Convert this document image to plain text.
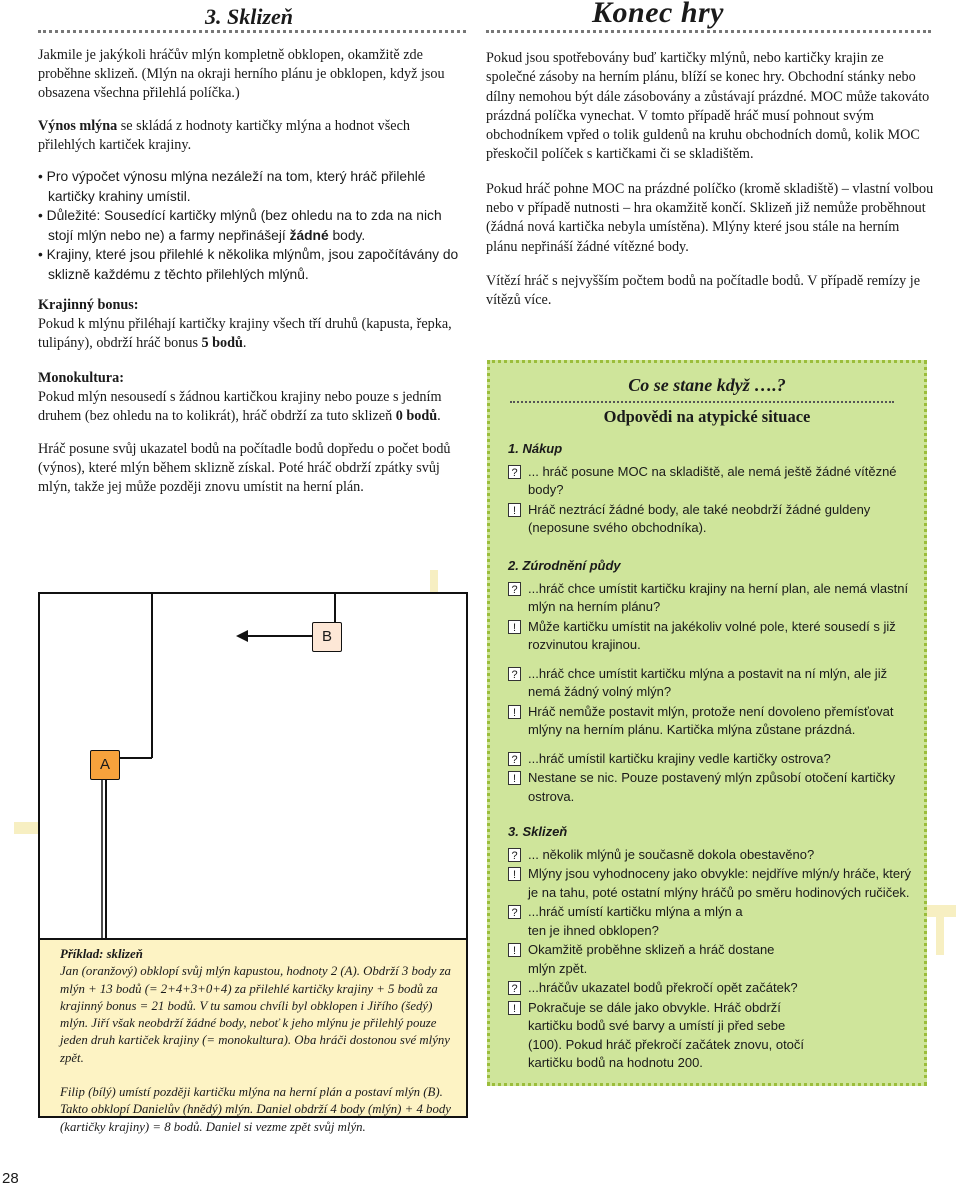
3. Sklizeň	Konec hry

Jakmile je jakýkoli hráčův mlýn kompletně obklopen, okamžitě zde proběhne sklizeň. (Mlýn na okraji herního plánu je obklopen, když jsou obsazena všechna přilehlá políčka.)

Výnos mlýna se skládá z hodnoty kartičky mlýna a hodnot všech přilehlých kartiček krajiny.

• Pro výpočet výnosu mlýna nezáleží na tom, který hráč přilehlé kartičky krahiny umístil.

• Důležité: Sousedící kartičky mlýnů (bez ohledu na to zda na nich stojí mlýn nebo ne) a farmy nepřinášejí žádné body.

• Krajiny, které jsou přilehlé k několika mlýnům, jsou započítávány do sklizně každému z těchto přilehlých mlýnů.

Krajinný bonus:

Pokud k mlýnu přiléhají kartičky krajiny všech tří druhů (kapusta, řepka, tulipány), obdrží hráč bonus 5 bodů.

Monokultura:

Pokud mlýn nesousedí s žádnou kartičkou krajiny nebo pouze s jedním druhem (bez ohledu na to kolikrát), hráč obdrží za tuto sklizeň 0 bodů.

Hráč posune svůj ukazatel bodů na počítadle bodů dopředu o počet bodů (výnos), které mlýn během sklizně získal. Poté hráč obdrží zpátky svůj mlýn, takže jej může později znovu umístit na herní plán.

B
A

Příklad: sklizeň

Jan (oranžový) obklopí svůj mlýn kapustou, hodnoty 2 (A). Obdrží 3 body za mlýn + 13 bodů (= 2+4+3+0+4) za přilehlé kartičky krajiny + 5 bodů za krajinný bonus = 21 bodů. V tu samou chvíli byl obklopen i Jiřího (šedý) mlýn. Jiří však neobdrží žádné body, neboť k jeho mlýnu je přilehlý pouze jeden druh kartiček krajiny (= monokultura). Oba hráči dostonou své mlýny zpět.

Filip (bílý) umístí později kartičku mlýna na herní plán a postaví mlýn (B). Takto obklopí Danielův (hnědý) mlýn. Daniel obdrží 4 body (mlýn) + 4 body (kartičky krajiny) = 8 bodů. Daniel si vezme zpět svůj mlýn.

Pokud jsou spotřebovány buď kartičky mlýnů, nebo kartičky krajin ze společné zásoby na herním plánu, blíží se konec hry. Obchodní stánky nebo dílny nemohou být dále zásobovány a zůstávají prázdné. MOC může takováto prázdná políčka vynechat. V tomto případě hráč musí pohnout svým obchodníkem vpřed o tolik guldenů na kruhu obchodních domů, kolik MOC přeskočil políček s kartičkami či se skladištěm.

Pokud hráč pohne MOC na prázdné políčko (kromě skladiště) – vlastní volbou nebo v případě nutnosti – hra okamžitě končí. Sklizeň již nemůže proběhnout (žádná nová kartička nebyla umístěna). Mlýny které jsou stále na herním plánu nepřináší žádné vítězné body.

Vítězí hráč s nejvyšším počtem bodů na počítadle bodů. V případě remízy je vítězů více.

Co se stane když ….?
Odpovědi na atypické situace
1. Nákup
? ... hráč posune MOC na skladiště, ale nemá ještě žádné vítězné body?
! Hráč neztrácí žádné body, ale také neobdrží žádné guldeny (neposune svého obchodníka).
2. Zúrodnění půdy
? ...hráč chce umístit kartičku krajiny na herní plan, ale nemá vlastní mlýn na herním plánu?
! Může kartičku umístit na jakékoliv volné pole, které sousedí s již rozvinutou krajinou.
? ...hráč chce umístit kartičku mlýna a postavit na ní mlýn, ale již nemá žádný volný mlýn?
! Hráč nemůže postavit mlýn, protože není dovoleno přemísťovat mlýny na herním plánu. Kartička mlýna zůstane prázdná.
? ...hráč umístil kartičku krajiny vedle kartičky ostrova?
! Nestane se nic. Pouze postavený mlýn způsobí otočení kartičky ostrova.
3. Sklizeň
? ... několik mlýnů je současně dokola obestavěno?
! Mlýny jsou vyhodnoceny jako obvykle: nejdříve mlýn/y hráče, který je na tahu, poté ostatní mlýny hráčů po směru hodinových ručiček.
? ...hráč umístí kartičku mlýna a mlýn a ten je ihned obklopen?
! Okamžitě proběhne sklizeň a hráč dostane mlýn zpět.
? ...hráčův ukazatel bodů překročí opět začátek?
! Pokračuje se dále jako obvykle. Hráč obdrží kartičku bodů své barvy a umístí ji před sebe (100). Pokud hráč překročí začátek znovu, otočí kartičku bodů na hodnotu 200.
28
